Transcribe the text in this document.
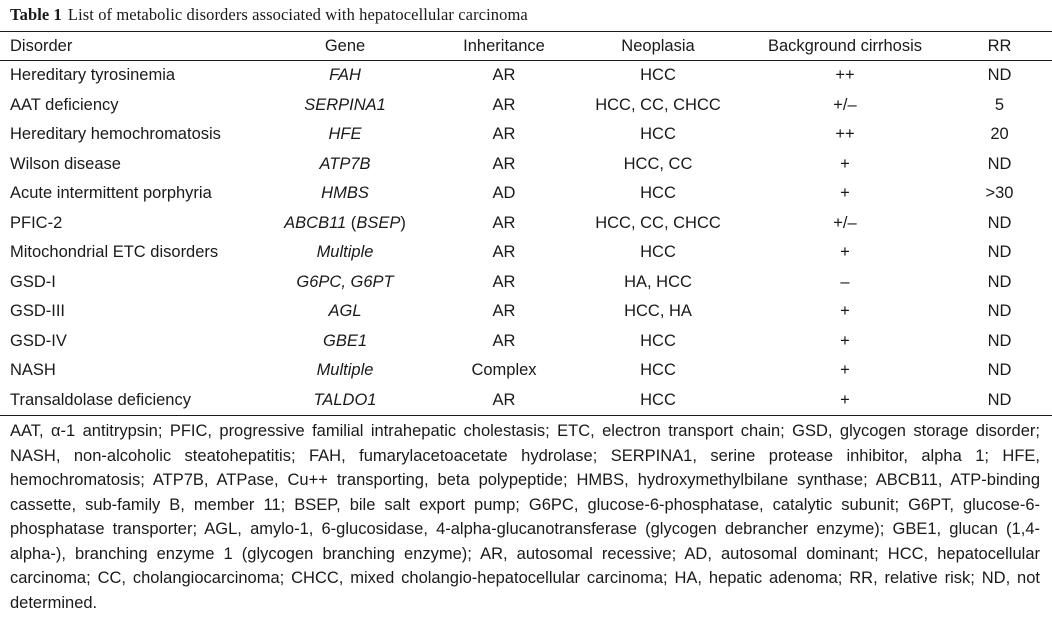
Table 1 List of metabolic disorders associated with hepatocellular carcinoma
Disorder	Gene	Inheritance	Neoplasia	Background cirrhosis	RR
Hereditary tyrosinemia	FAH	AR	HCC	++	ND
AAT deficiency	SERPINA1	AR	HCC, CC, CHCC	+/–	5
Hereditary hemochromatosis	HFE	AR	HCC	++	20
Wilson disease	ATP7B	AR	HCC, CC	+	ND
Acute intermittent porphyria	HMBS	AD	HCC	+	>30
PFIC-2	ABCB11 (BSEP)	AR	HCC, CC, CHCC	+/–	ND
Mitochondrial ETC disorders	Multiple	AR	HCC	+	ND
GSD-I	G6PC, G6PT	AR	HA, HCC	–	ND
GSD-III	AGL	AR	HCC, HA	+	ND
GSD-IV	GBE1	AR	HCC	+	ND
NASH	Multiple	Complex	HCC	+	ND
Transaldolase deficiency	TALDO1	AR	HCC	+	ND
AAT, α-1 antitrypsin; PFIC, progressive familial intrahepatic cholestasis; ETC, electron transport chain; GSD, glycogen storage disorder; NASH, non-alcoholic steatohepatitis; FAH, fumarylacetoacetate hydrolase; SERPINA1, serine protease inhibitor, alpha 1; HFE, hemochromatosis; ATP7B, ATPase, Cu++ transporting, beta polypeptide; HMBS, hydroxymethylbilane synthase; ABCB11, ATP-binding cassette, sub-family B, member 11; BSEP, bile salt export pump; G6PC, glucose-6-phosphatase, catalytic subunit; G6PT, glucose-6-phosphatase transporter; AGL, amylo-1, 6-glucosidase, 4-alpha-glucanotransferase (glycogen debrancher enzyme); GBE1, glucan (1,4-alpha-), branching enzyme 1 (glycogen branching enzyme); AR, autosomal recessive; AD, autosomal dominant; HCC, hepatocellular carcinoma; CC, cholangiocarcinoma; CHCC, mixed cholangio-hepatocellular carcinoma; HA, hepatic adenoma; RR, relative risk; ND, not determined.
